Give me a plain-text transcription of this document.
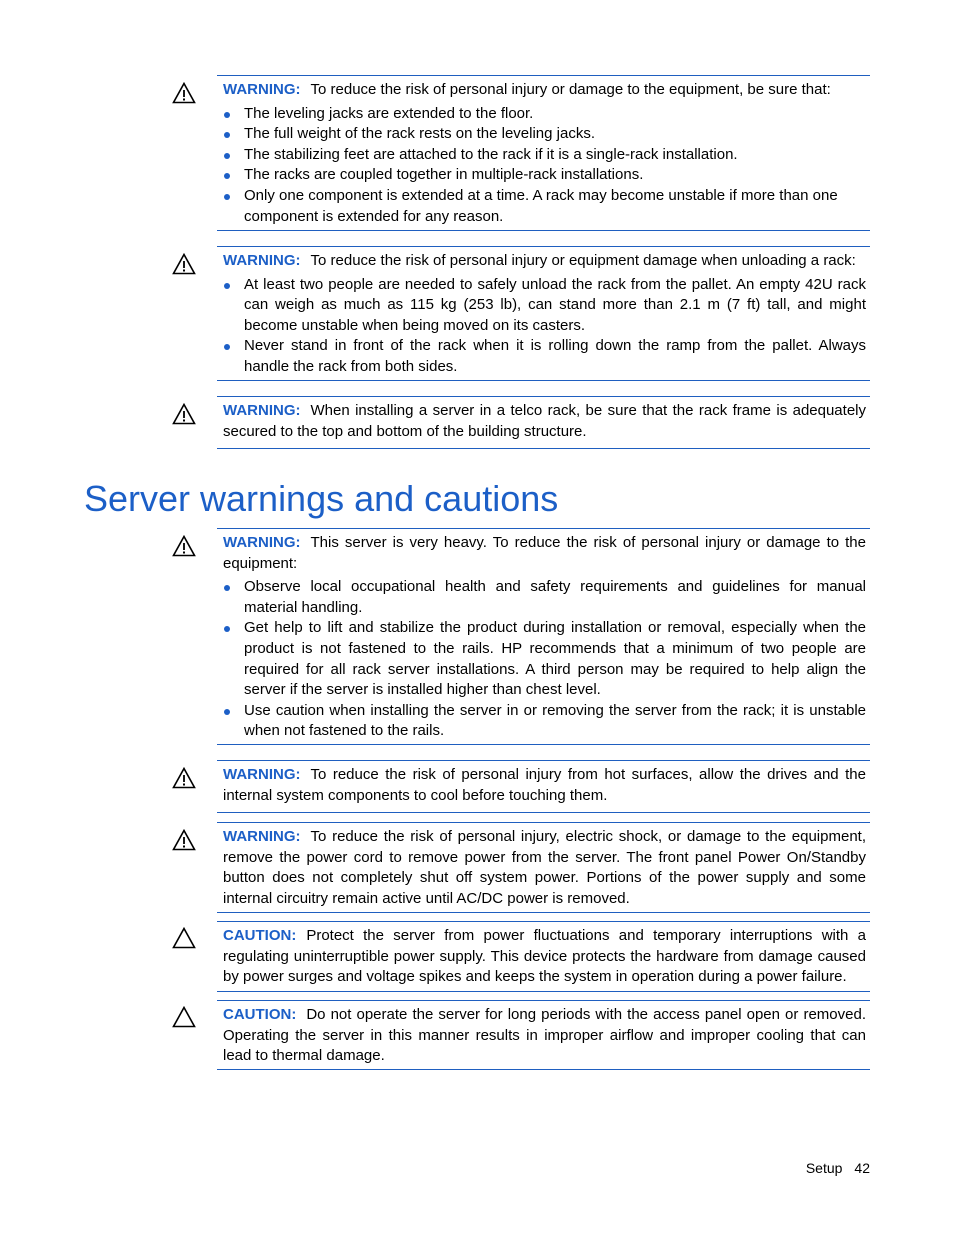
WARNING: To reduce the risk of personal injury or damage to the equipment, be sure that:

The leveling jacks are extended to the floor.
The full weight of the rack rests on the leveling jacks.
The stabilizing feet are attached to the rack if it is a single-rack installation.
The racks are coupled together in multiple-rack installations.
Only one component is extended at a time. A rack may become unstable if more than one component is extended for any reason.

WARNING: To reduce the risk of personal injury or equipment damage when unloading a rack:

At least two people are needed to safely unload the rack from the pallet. An empty 42U rack can weigh as much as 115 kg (253 lb), can stand more than 2.1 m (7 ft) tall, and might become unstable when being moved on its casters.
Never stand in front of the rack when it is rolling down the ramp from the pallet. Always handle the rack from both sides.

WARNING: When installing a server in a telco rack, be sure that the rack frame is adequately secured to the top and bottom of the building structure.

Server warnings and cautions

WARNING: This server is very heavy. To reduce the risk of personal injury or damage to the equipment:

Observe local occupational health and safety requirements and guidelines for manual material handling.
Get help to lift and stabilize the product during installation or removal, especially when the product is not fastened to the rails. HP recommends that a minimum of two people are required for all rack server installations. A third person may be required to help align the server if the server is installed higher than chest level.
Use caution when installing the server in or removing the server from the rack; it is unstable when not fastened to the rails.

WARNING: To reduce the risk of personal injury from hot surfaces, allow the drives and the internal system components to cool before touching them.

WARNING: To reduce the risk of personal injury, electric shock, or damage to the equipment, remove the power cord to remove power from the server. The front panel Power On/Standby button does not completely shut off system power. Portions of the power supply and some internal circuitry remain active until AC/DC power is removed.

CAUTION: Protect the server from power fluctuations and temporary interruptions with a regulating uninterruptible power supply. This device protects the hardware from damage caused by power surges and voltage spikes and keeps the system in operation during a power failure.

CAUTION: Do not operate the server for long periods with the access panel open or removed. Operating the server in this manner results in improper airflow and improper cooling that can lead to thermal damage.

Setup 42
